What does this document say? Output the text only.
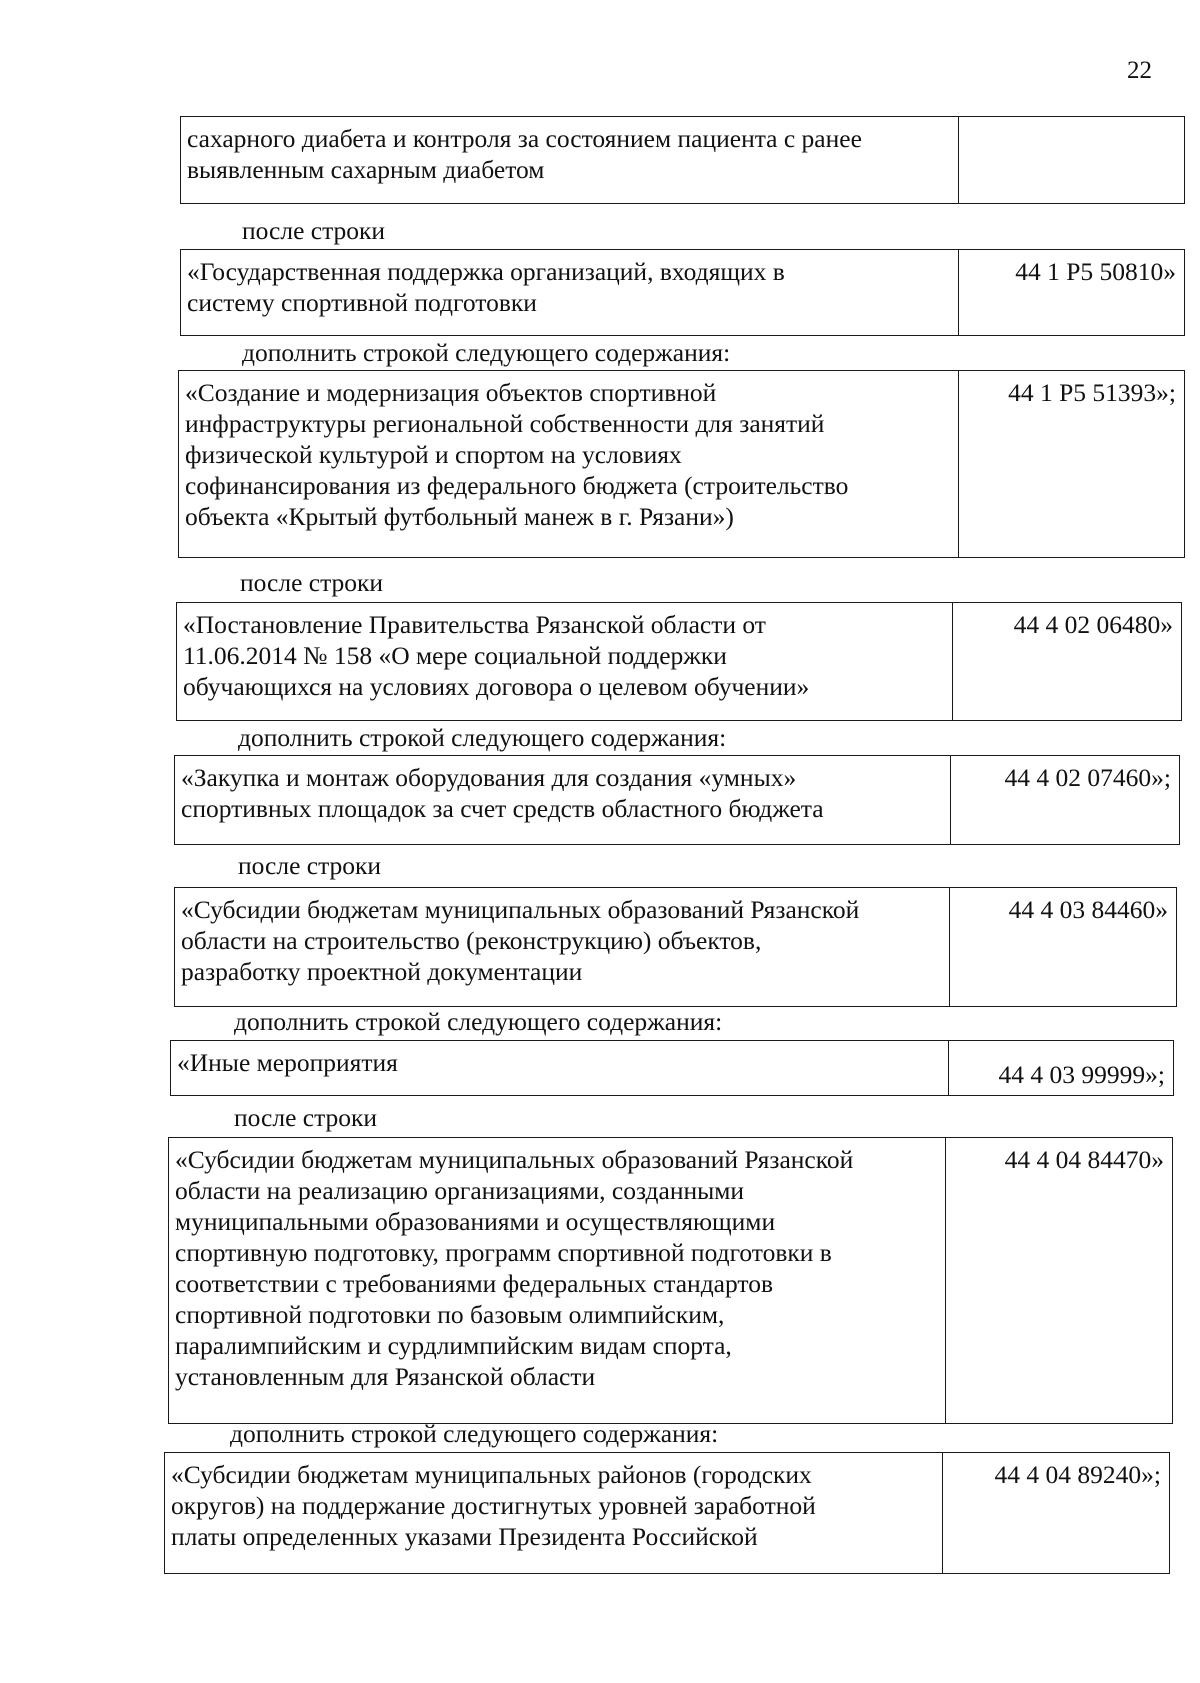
22
сахарного диабета и контроля за состоянием пациента с ранее
выявленным сахарным диабетом
после строки
«Государственная поддержка организаций, входящих в
систему спортивной подготовки
44 1 Р5 50810»
дополнить строкой следующего содержания:
«Создание и модернизация объектов спортивной
инфраструктуры региональной собственности для занятий
физической культурой и спортом на условиях
софинансирования из федерального бюджета (строительство
объекта «Крытый футбольный манеж в г. Рязани»)
44 1 Р5 51393»;
после строки
«Постановление Правительства Рязанской области от
11.06.2014 № 158 «О мере социальной поддержки
обучающихся на условиях договора о целевом обучении»
44 4 02 06480»
дополнить строкой следующего содержания:
«Закупка и монтаж оборудования для создания «умных»
спортивных площадок за счет средств областного бюджета
44 4 02 07460»;
после строки
«Субсидии бюджетам муниципальных образований Рязанской
области на строительство (реконструкцию) объектов,
разработку проектной документации
44 4 03 84460»
дополнить строкой следующего содержания:
«Иные мероприятия	44 4 03 99999»;
после строки
«Субсидии бюджетам муниципальных образований Рязанской
области на реализацию организациями, созданными
муниципальными образованиями и осуществляющими
спортивную подготовку, программ спортивной подготовки в
соответствии с требованиями федеральных стандартов
спортивной подготовки по базовым олимпийским,
паралимпийским и сурдлимпийским видам спорта,
установленным для Рязанской области
44 4 04 84470»
дополнить строкой следующего содержания:
«Субсидии бюджетам муниципальных районов (городских
округов) на поддержание достигнутых уровней заработной
платы определенных указами Президента Российской
44 4 04 89240»;
